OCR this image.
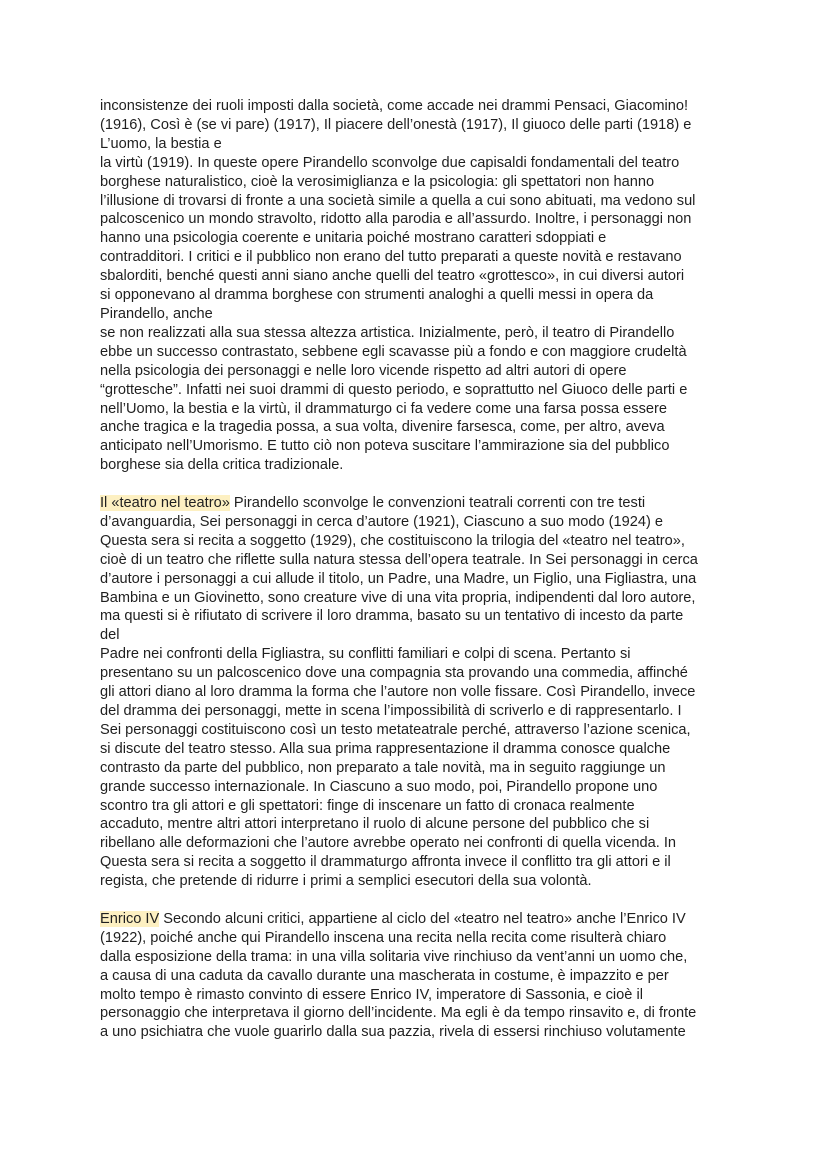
inconsistenze dei ruoli imposti dalla società, come accade nei drammi Pensaci, Giacomino!
(1916), Così è (se vi pare) (1917), Il piacere dell’onestà (1917), Il giuoco delle parti (1918) e
L’uomo, la bestia e
la virtù (1919). In queste opere Pirandello sconvolge due capisaldi fondamentali del teatro
borghese naturalistico, cioè la verosimiglianza e la psicologia: gli spettatori non hanno
l’illusione di trovarsi di fronte a una società simile a quella a cui sono abituati, ma vedono sul
palcoscenico un mondo stravolto, ridotto alla parodia e all’assurdo. Inoltre, i personaggi non
hanno una psicologia coerente e unitaria poiché mostrano caratteri sdoppiati e
contradditori. I critici e il pubblico non erano del tutto preparati a queste novità e restavano
sbalorditi, benché questi anni siano anche quelli del teatro «grottesco», in cui diversi autori
si opponevano al dramma borghese con strumenti analoghi a quelli messi in opera da
Pirandello, anche
se non realizzati alla sua stessa altezza artistica. Inizialmente, però, il teatro di Pirandello
ebbe un successo contrastato, sebbene egli scavasse più a fondo e con maggiore crudeltà
nella psicologia dei personaggi e nelle loro vicende rispetto ad altri autori di opere
“grottesche”. Infatti nei suoi drammi di questo periodo, e soprattutto nel Giuoco delle parti e
nell’Uomo, la bestia e la virtù, il drammaturgo ci fa vedere come una farsa possa essere
anche tragica e la tragedia possa, a sua volta, divenire farsesca, come, per altro, aveva
anticipato nell’Umorismo. E tutto ciò non poteva suscitare l’ammirazione sia del pubblico
borghese sia della critica tradizionale.
Il «teatro nel teatro» Pirandello sconvolge le convenzioni teatrali correnti con tre testi
d’avanguardia, Sei personaggi in cerca d’autore (1921), Ciascuno a suo modo (1924) e
Questa sera si recita a soggetto (1929), che costituiscono la trilogia del «teatro nel teatro»,
cioè di un teatro che riflette sulla natura stessa dell’opera teatrale. In Sei personaggi in cerca
d’autore i personaggi a cui allude il titolo, un Padre, una Madre, un Figlio, una Figliastra, una
Bambina e un Giovinetto, sono creature vive di una vita propria, indipendenti dal loro autore,
ma questi si è rifiutato di scrivere il loro dramma, basato su un tentativo di incesto da parte
del
Padre nei confronti della Figliastra, su conflitti familiari e colpi di scena. Pertanto si
presentano su un palcoscenico dove una compagnia sta provando una commedia, affinché
gli attori diano al loro dramma la forma che l’autore non volle fissare. Così Pirandello, invece
del dramma dei personaggi, mette in scena l’impossibilità di scriverlo e di rappresentarlo. I
Sei personaggi costituiscono così un testo metateatrale perché, attraverso l’azione scenica,
si discute del teatro stesso. Alla sua prima rappresentazione il dramma conosce qualche
contrasto da parte del pubblico, non preparato a tale novità, ma in seguito raggiunge un
grande successo internazionale. In Ciascuno a suo modo, poi, Pirandello propone uno
scontro tra gli attori e gli spettatori: finge di inscenare un fatto di cronaca realmente
accaduto, mentre altri attori interpretano il ruolo di alcune persone del pubblico che si
ribellano alle deformazioni che l’autore avrebbe operato nei confronti di quella vicenda. In
Questa sera si recita a soggetto il drammaturgo affronta invece il conflitto tra gli attori e il
regista, che pretende di ridurre i primi a semplici esecutori della sua volontà.
Enrico IV Secondo alcuni critici, appartiene al ciclo del «teatro nel teatro» anche l’Enrico IV
(1922), poiché anche qui Pirandello inscena una recita nella recita come risulterà chiaro
dalla esposizione della trama: in una villa solitaria vive rinchiuso da vent’anni un uomo che,
a causa di una caduta da cavallo durante una mascherata in costume, è impazzito e per
molto tempo è rimasto convinto di essere Enrico IV, imperatore di Sassonia, e cioè il
personaggio che interpretava il giorno dell’incidente. Ma egli è da tempo rinsavito e, di fronte
a uno psichiatra che vuole guarirlo dalla sua pazzia, rivela di essersi rinchiuso volutamente
